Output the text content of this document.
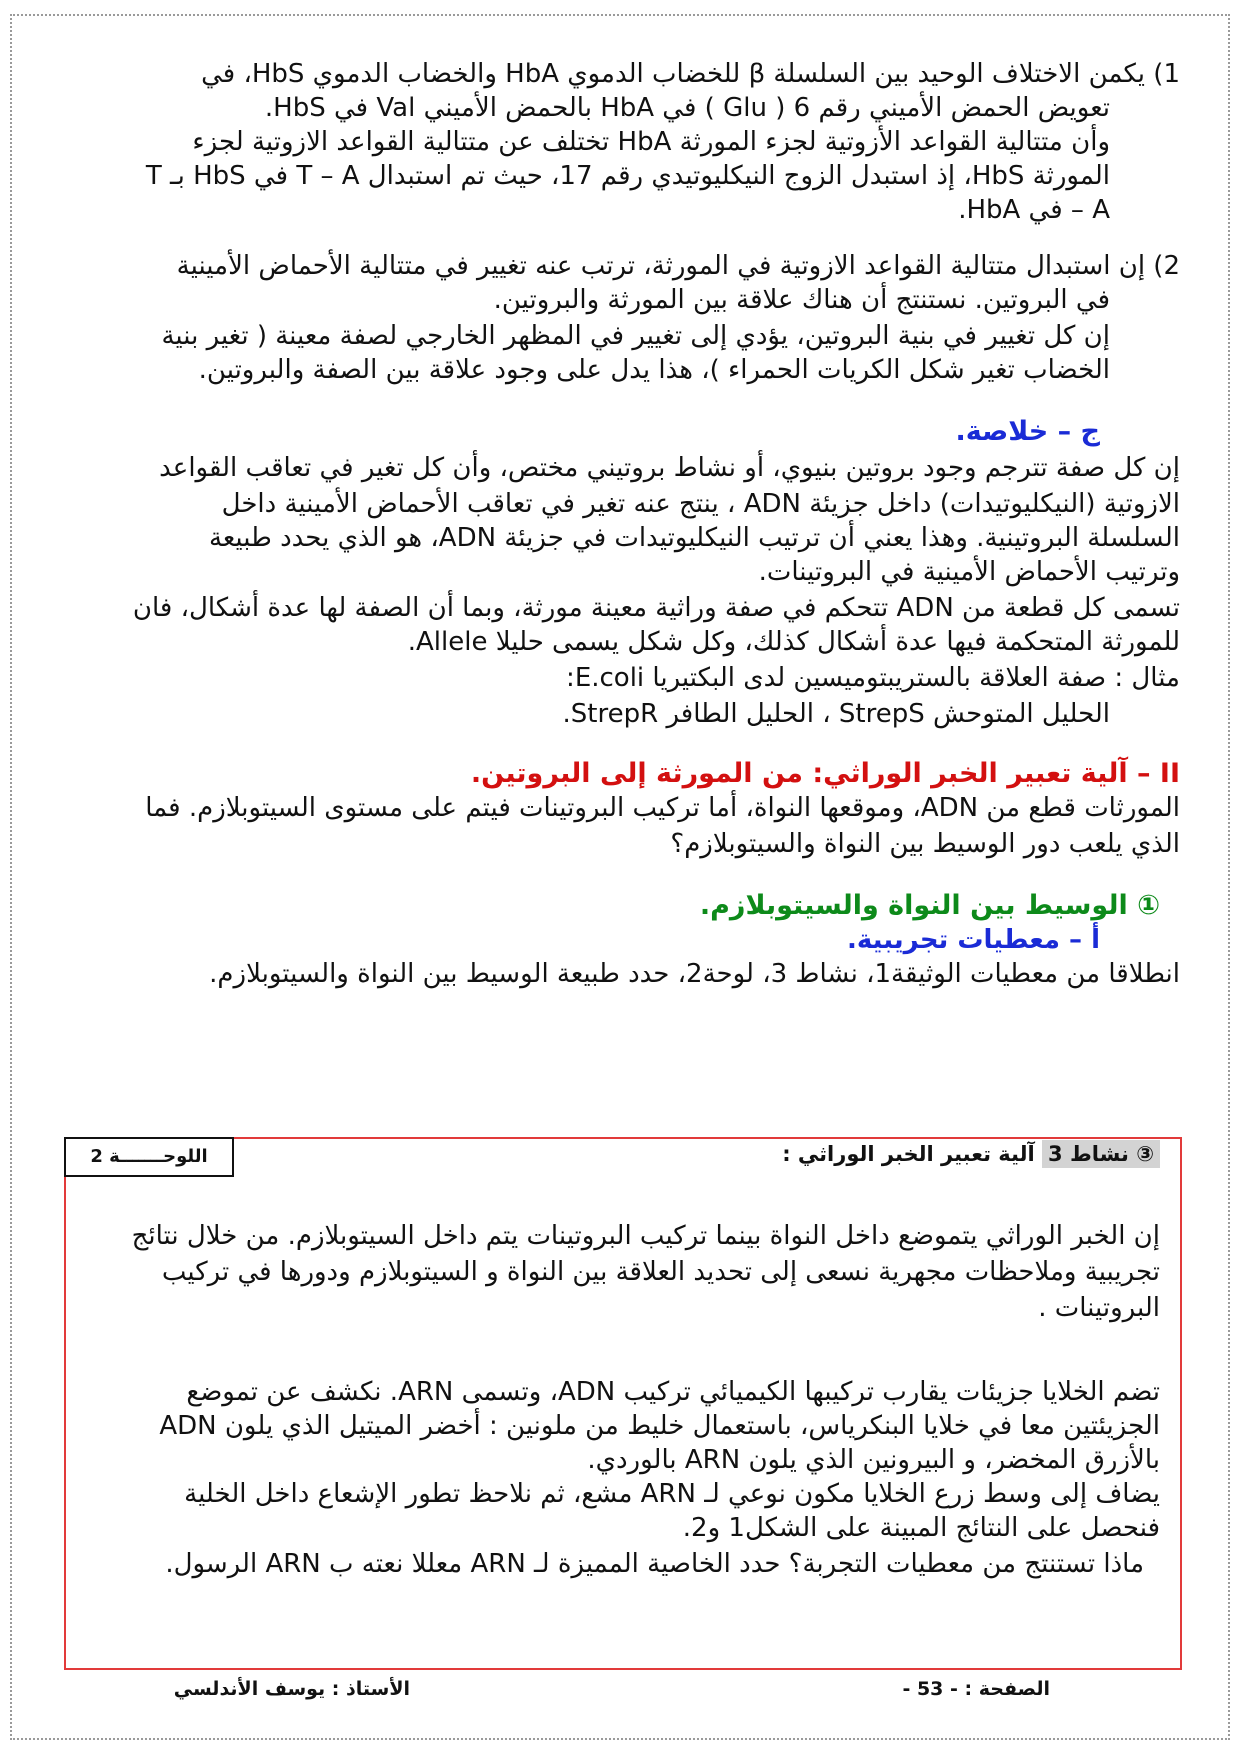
1) يكمن الاختلاف الوحيد بين السلسلة β للخضاب الدموي HbA والخضاب الدموي HbS، في
تعويض الحمض الأميني رقم 6 ( Glu ) في HbA بالحمض الأميني Val في HbS.
وأن متتالية القواعد الأزوتية لجزء المورثة HbA تختلف عن متتالية القواعد الازوتية لجزء
المورثة HbS، إذ استبدل الزوج النيكليوتيدي رقم 17، حيث تم استبدال T – A في HbS بـ T
A – في HbA.
2) إن استبدال متتالية القواعد الازوتية في المورثة، ترتب عنه تغيير في متتالية الأحماض الأمينية
في البروتين. نستنتج أن هناك علاقة بين المورثة والبروتين.
إن كل تغيير في بنية البروتين، يؤدي إلى تغيير في المظهر الخارجي لصفة معينة ( تغير بنية
الخضاب تغير شكل الكريات الحمراء )، هذا يدل على وجود علاقة بين الصفة والبروتين.
ج – خلاصة.
إن كل صفة تترجم وجود بروتين بنيوي، أو نشاط بروتيني مختص، وأن كل تغير في تعاقب القواعد
الازوتية (النيكليوتيدات) داخل جزيئة ADN ، ينتج عنه تغير في تعاقب الأحماض الأمينية داخل
السلسلة البروتينية. وهذا يعني أن ترتيب النيكليوتيدات في جزيئة ADN، هو الذي يحدد طبيعة
وترتيب الأحماض الأمينية في البروتينات.
تسمى كل قطعة من ADN تتحكم في صفة وراثية معينة مورثة، وبما أن الصفة لها عدة أشكال، فان
للمورثة المتحكمة فيها عدة أشكال كذلك، وكل شكل يسمى حليلا Allele.
مثال : صفة العلاقة بالستريبتوميسين لدى البكتيريا E.coli:
الحليل المتوحش StrepS ، الحليل الطافر StrepR.
II – آلية تعبير الخبر الوراثي: من المورثة إلى البروتين.
المورثات قطع من ADN، وموقعها النواة، أما تركيب البروتينات فيتم على مستوى السيتوبلازم. فما
الذي يلعب دور الوسيط بين النواة والسيتوبلازم؟
① الوسيط بين النواة والسيتوبلازم.
أ – معطيات تجريبية.
انطلاقا من معطيات الوثيقة1، نشاط 3، لوحة2، حدد طبيعة الوسيط بين النواة والسيتوبلازم.
اللوحـــــــة 2	③ نشاط 3 آلية تعبير الخبر الوراثي :
إن الخبر الوراثي يتموضع داخل النواة بينما تركيب البروتينات يتم داخل السيتوبلازم. من خلال نتائج
تجريبية وملاحظات مجهرية نسعى إلى تحديد العلاقة بين النواة و السيتوبلازم ودورها في تركيب
البروتينات .
تضم الخلايا جزيئات يقارب تركيبها الكيميائي تركيب ADN، وتسمى ARN. نكشف عن تموضع
الجزيئتين معا في خلايا البنكرياس، باستعمال خليط من ملونين : أخضر الميتيل الذي يلون ADN
بالأزرق المخضر، و البيرونين الذي يلون ARN بالوردي.
يضاف إلى وسط زرع الخلايا مكون نوعي لـ ARN مشع، ثم نلاحظ تطور الإشعاع داخل الخلية
فنحصل على النتائج المبينة على الشكل1 و2.
ماذا تستنتج من معطيات التجربة؟ حدد الخاصية المميزة لـ ARN معللا نعته ب ARN الرسول.
الصفحة : - 53 -
الأستاذ : يوسف الأندلسي
